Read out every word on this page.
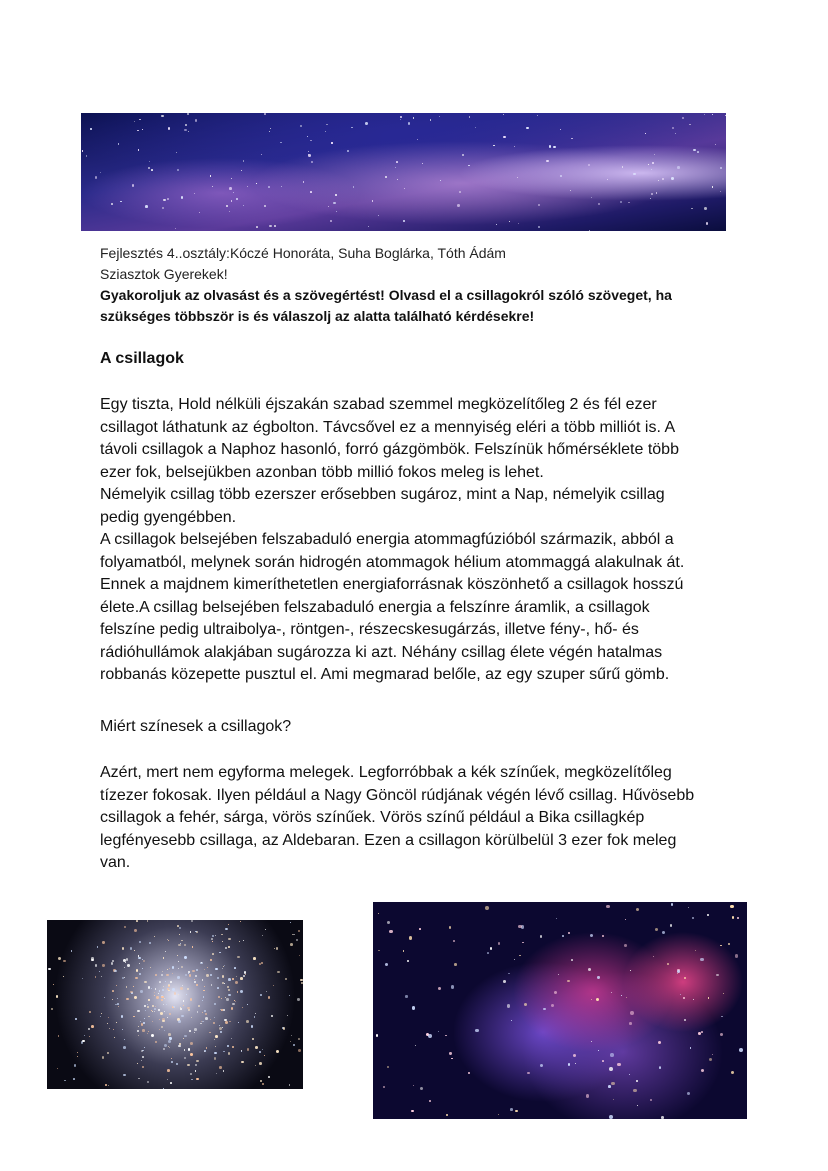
Fejlesztés 4..osztály:Kóczé Honoráta, Suha Boglárka, Tóth Ádám

Sziasztok Gyerekek!

Gyakoroljuk az olvasást és a szövegértést! Olvasd el a csillagokról szóló szöveget, ha

szükséges többször is és válaszolj az alatta található kérdésekre!

A csillagok

Egy tiszta, Hold nélküli éjszakán szabad szemmel megközelítőleg 2 és fél ezer
csillagot láthatunk az égbolton. Távcsővel ez a mennyiség eléri a több milliót is. A
távoli csillagok a Naphoz hasonló, forró gázgömbök. Felszínük hőmérséklete több
ezer fok, belsejükben azonban több millió fokos meleg is lehet.
Némelyik csillag több ezerszer erősebben sugároz, mint a Nap, némelyik csillag
pedig gyengébben.
A csillagok belsejében felszabaduló energia atommagfúzióból származik, abból a
folyamatból, melynek során hidrogén atommagok hélium atommaggá alakulnak át.
Ennek a majdnem kimeríthetetlen energiaforrásnak köszönhető a csillagok hosszú
élete.A csillag belsejében felszabaduló energia a felszínre áramlik, a csillagok
felszíne pedig ultraibolya-, röntgen-, részecskesugárzás, illetve fény-, hő- és
rádióhullámok alakjában sugározza ki azt. Néhány csillag élete végén hatalmas
robbanás közepette pusztul el. Ami megmarad belőle, az egy szuper sűrű gömb.
Miért színesek a csillagok?
Azért, mert nem egyforma melegek. Legforróbbak a kék színűek, megközelítőleg
tízezer fokosak. Ilyen például a Nagy Göncöl rúdjának végén lévő csillag. Hűvösebb
csillagok a fehér, sárga, vörös színűek. Vörös színű például a Bika csillagkép
legfényesebb csillaga, az Aldebaran. Ezen a csillagon körülbelül 3 ezer fok meleg
van.
